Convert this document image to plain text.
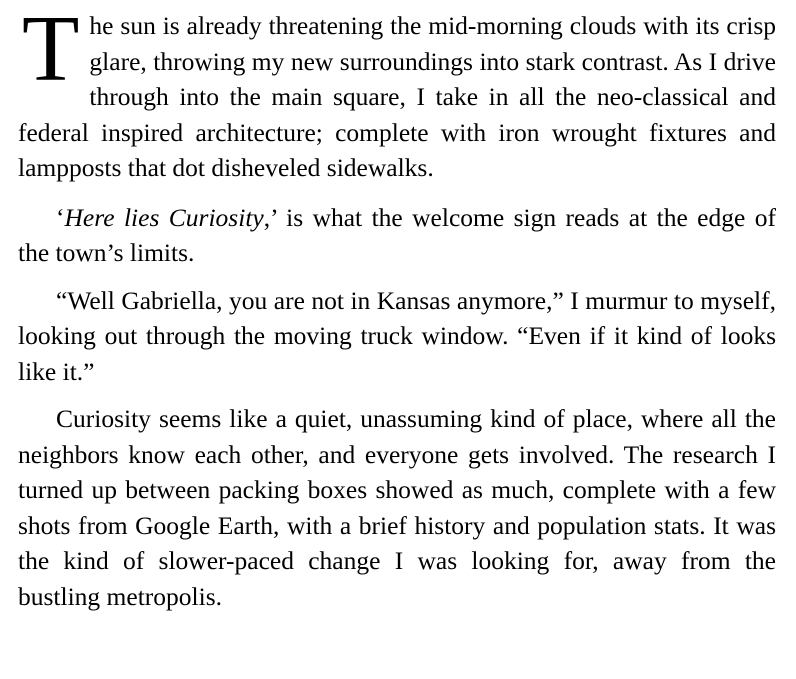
The sun is already threatening the mid-morning clouds with its crisp glare, throwing my new surroundings into stark contrast. As I drive through into the main square, I take in all the neo-classical and federal inspired architecture; complete with iron wrought fixtures and lampposts that dot disheveled sidewalks.

‘Here lies Curiosity,’ is what the welcome sign reads at the edge of the town’s limits.

“Well Gabriella, you are not in Kansas anymore,” I murmur to myself, looking out through the moving truck window. “Even if it kind of looks like it.”

Curiosity seems like a quiet, unassuming kind of place, where all the neighbors know each other, and everyone gets involved. The research I turned up between packing boxes showed as much, complete with a few shots from Google Earth, with a brief history and population stats. It was the kind of slower-paced change I was looking for, away from the bustling metropolis.
